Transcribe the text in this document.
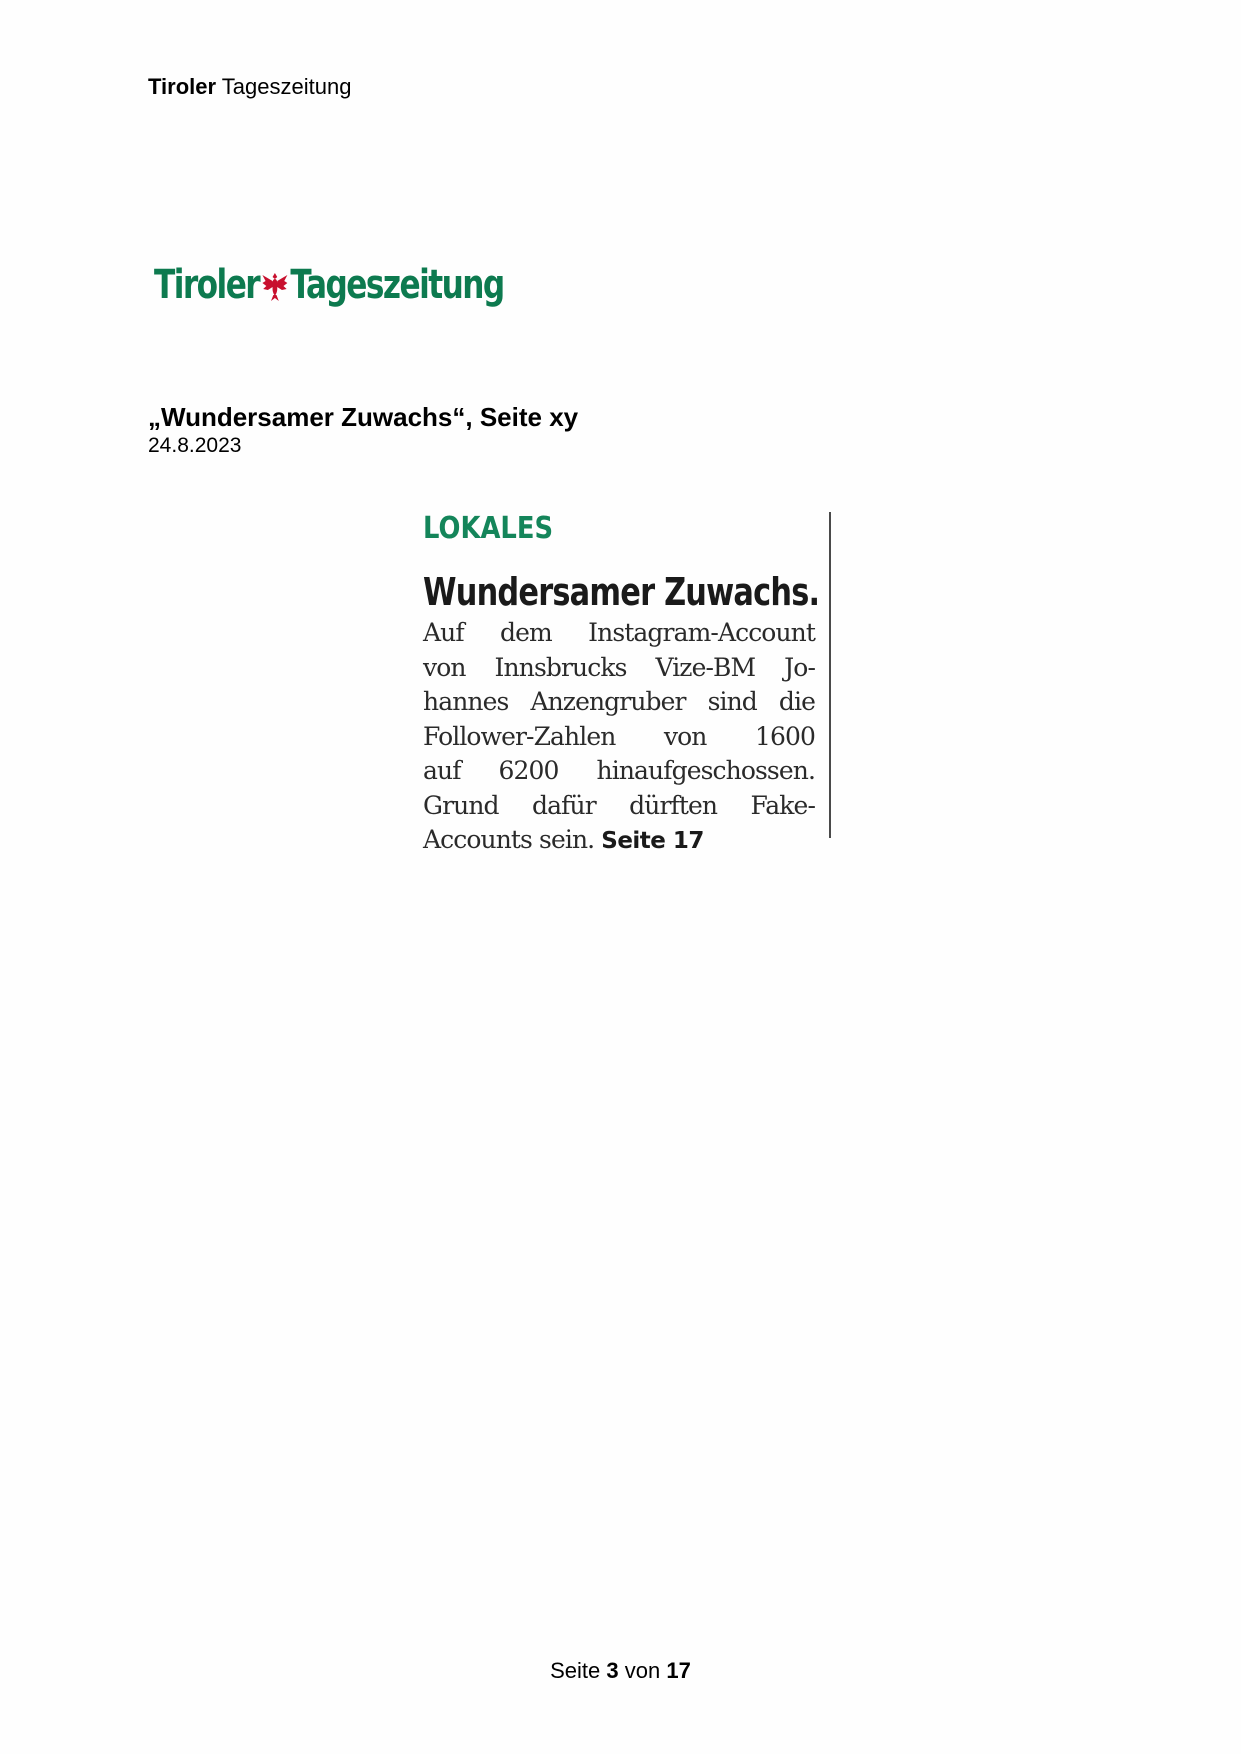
Tiroler Tageszeitung
Tiroler Tageszeitung
„Wundersamer Zuwachs“, Seite xy
24.8.2023
LOKALES
Wundersamer Zuwachs.
Auf dem Instagram-Account
von Innsbrucks Vize-BM Jo-
hannes Anzengruber sind die
Follower-Zahlen von 1600
auf 6200 hinaufgeschossen.
Grund dafür dürften Fake-
Accounts sein. Seite 17
Seite 3 von 17
